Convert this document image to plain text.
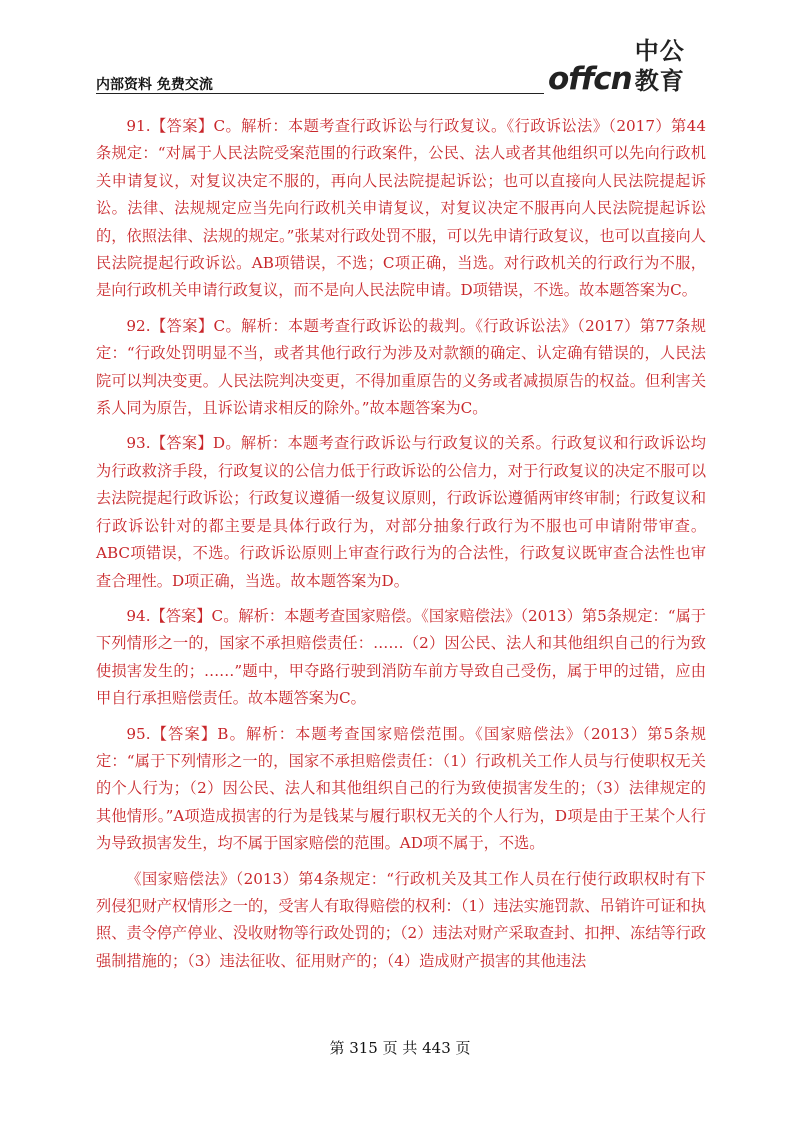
内部资料 免费交流	offcn
中公教育

91.【答案】C。解析：本题考查行政诉讼与行政复议。《行政诉讼法》（2017）第44条规定：“对属于人民法院受案范围的行政案件，公民、法人或者其他组织可以先向行政机关申请复议，对复议决定不服的，再向人民法院提起诉讼；也可以直接向人民法院提起诉讼。法律、法规规定应当先向行政机关申请复议，对复议决定不服再向人民法院提起诉讼的，依照法律、法规的规定。”张某对行政处罚不服，可以先申请行政复议，也可以直接向人民法院提起行政诉讼。AB项错误，不选；C项正确，当选。对行政机关的行政行为不服，是向行政机关申请行政复议，而不是向人民法院申请。D项错误，不选。故本题答案为C。

92.【答案】C。解析：本题考查行政诉讼的裁判。《行政诉讼法》（2017）第77条规定：“行政处罚明显不当，或者其他行政行为涉及对款额的确定、认定确有错误的，人民法院可以判决变更。人民法院判决变更，不得加重原告的义务或者减损原告的权益。但利害关系人同为原告，且诉讼请求相反的除外。”故本题答案为C。

93.【答案】D。解析：本题考查行政诉讼与行政复议的关系。行政复议和行政诉讼均为行政救济手段，行政复议的公信力低于行政诉讼的公信力，对于行政复议的决定不服可以去法院提起行政诉讼；行政复议遵循一级复议原则，行政诉讼遵循两审终审制；行政复议和行政诉讼针对的都主要是具体行政行为，对部分抽象行政行为不服也可申请附带审查。ABC项错误，不选。行政诉讼原则上审查行政行为的合法性，行政复议既审查合法性也审查合理性。D项正确，当选。故本题答案为D。

94.【答案】C。解析：本题考查国家赔偿。《国家赔偿法》（2013）第5条规定：“属于下列情形之一的，国家不承担赔偿责任：……（2）因公民、法人和其他组织自己的行为致使损害发生的；……”题中，甲夺路行驶到消防车前方导致自己受伤，属于甲的过错，应由甲自行承担赔偿责任。故本题答案为C。

95.【答案】B。解析：本题考查国家赔偿范围。《国家赔偿法》（2013）第5条规定：“属于下列情形之一的，国家不承担赔偿责任：（1）行政机关工作人员与行使职权无关的个人行为；（2）因公民、法人和其他组织自己的行为致使损害发生的；（3）法律规定的其他情形。”A项造成损害的行为是钱某与履行职权无关的个人行为，D项是由于王某个人行为导致损害发生，均不属于国家赔偿的范围。AD项不属于，不选。

《国家赔偿法》（2013）第4条规定：“行政机关及其工作人员在行使行政职权时有下列侵犯财产权情形之一的，受害人有取得赔偿的权利：（1）违法实施罚款、吊销许可证和执照、责令停产停业、没收财物等行政处罚的；（2）违法对财产采取查封、扣押、冻结等行政强制措施的；（3）违法征收、征用财产的；（4）造成财产损害的其他违法

第 315 页 共 443 页
